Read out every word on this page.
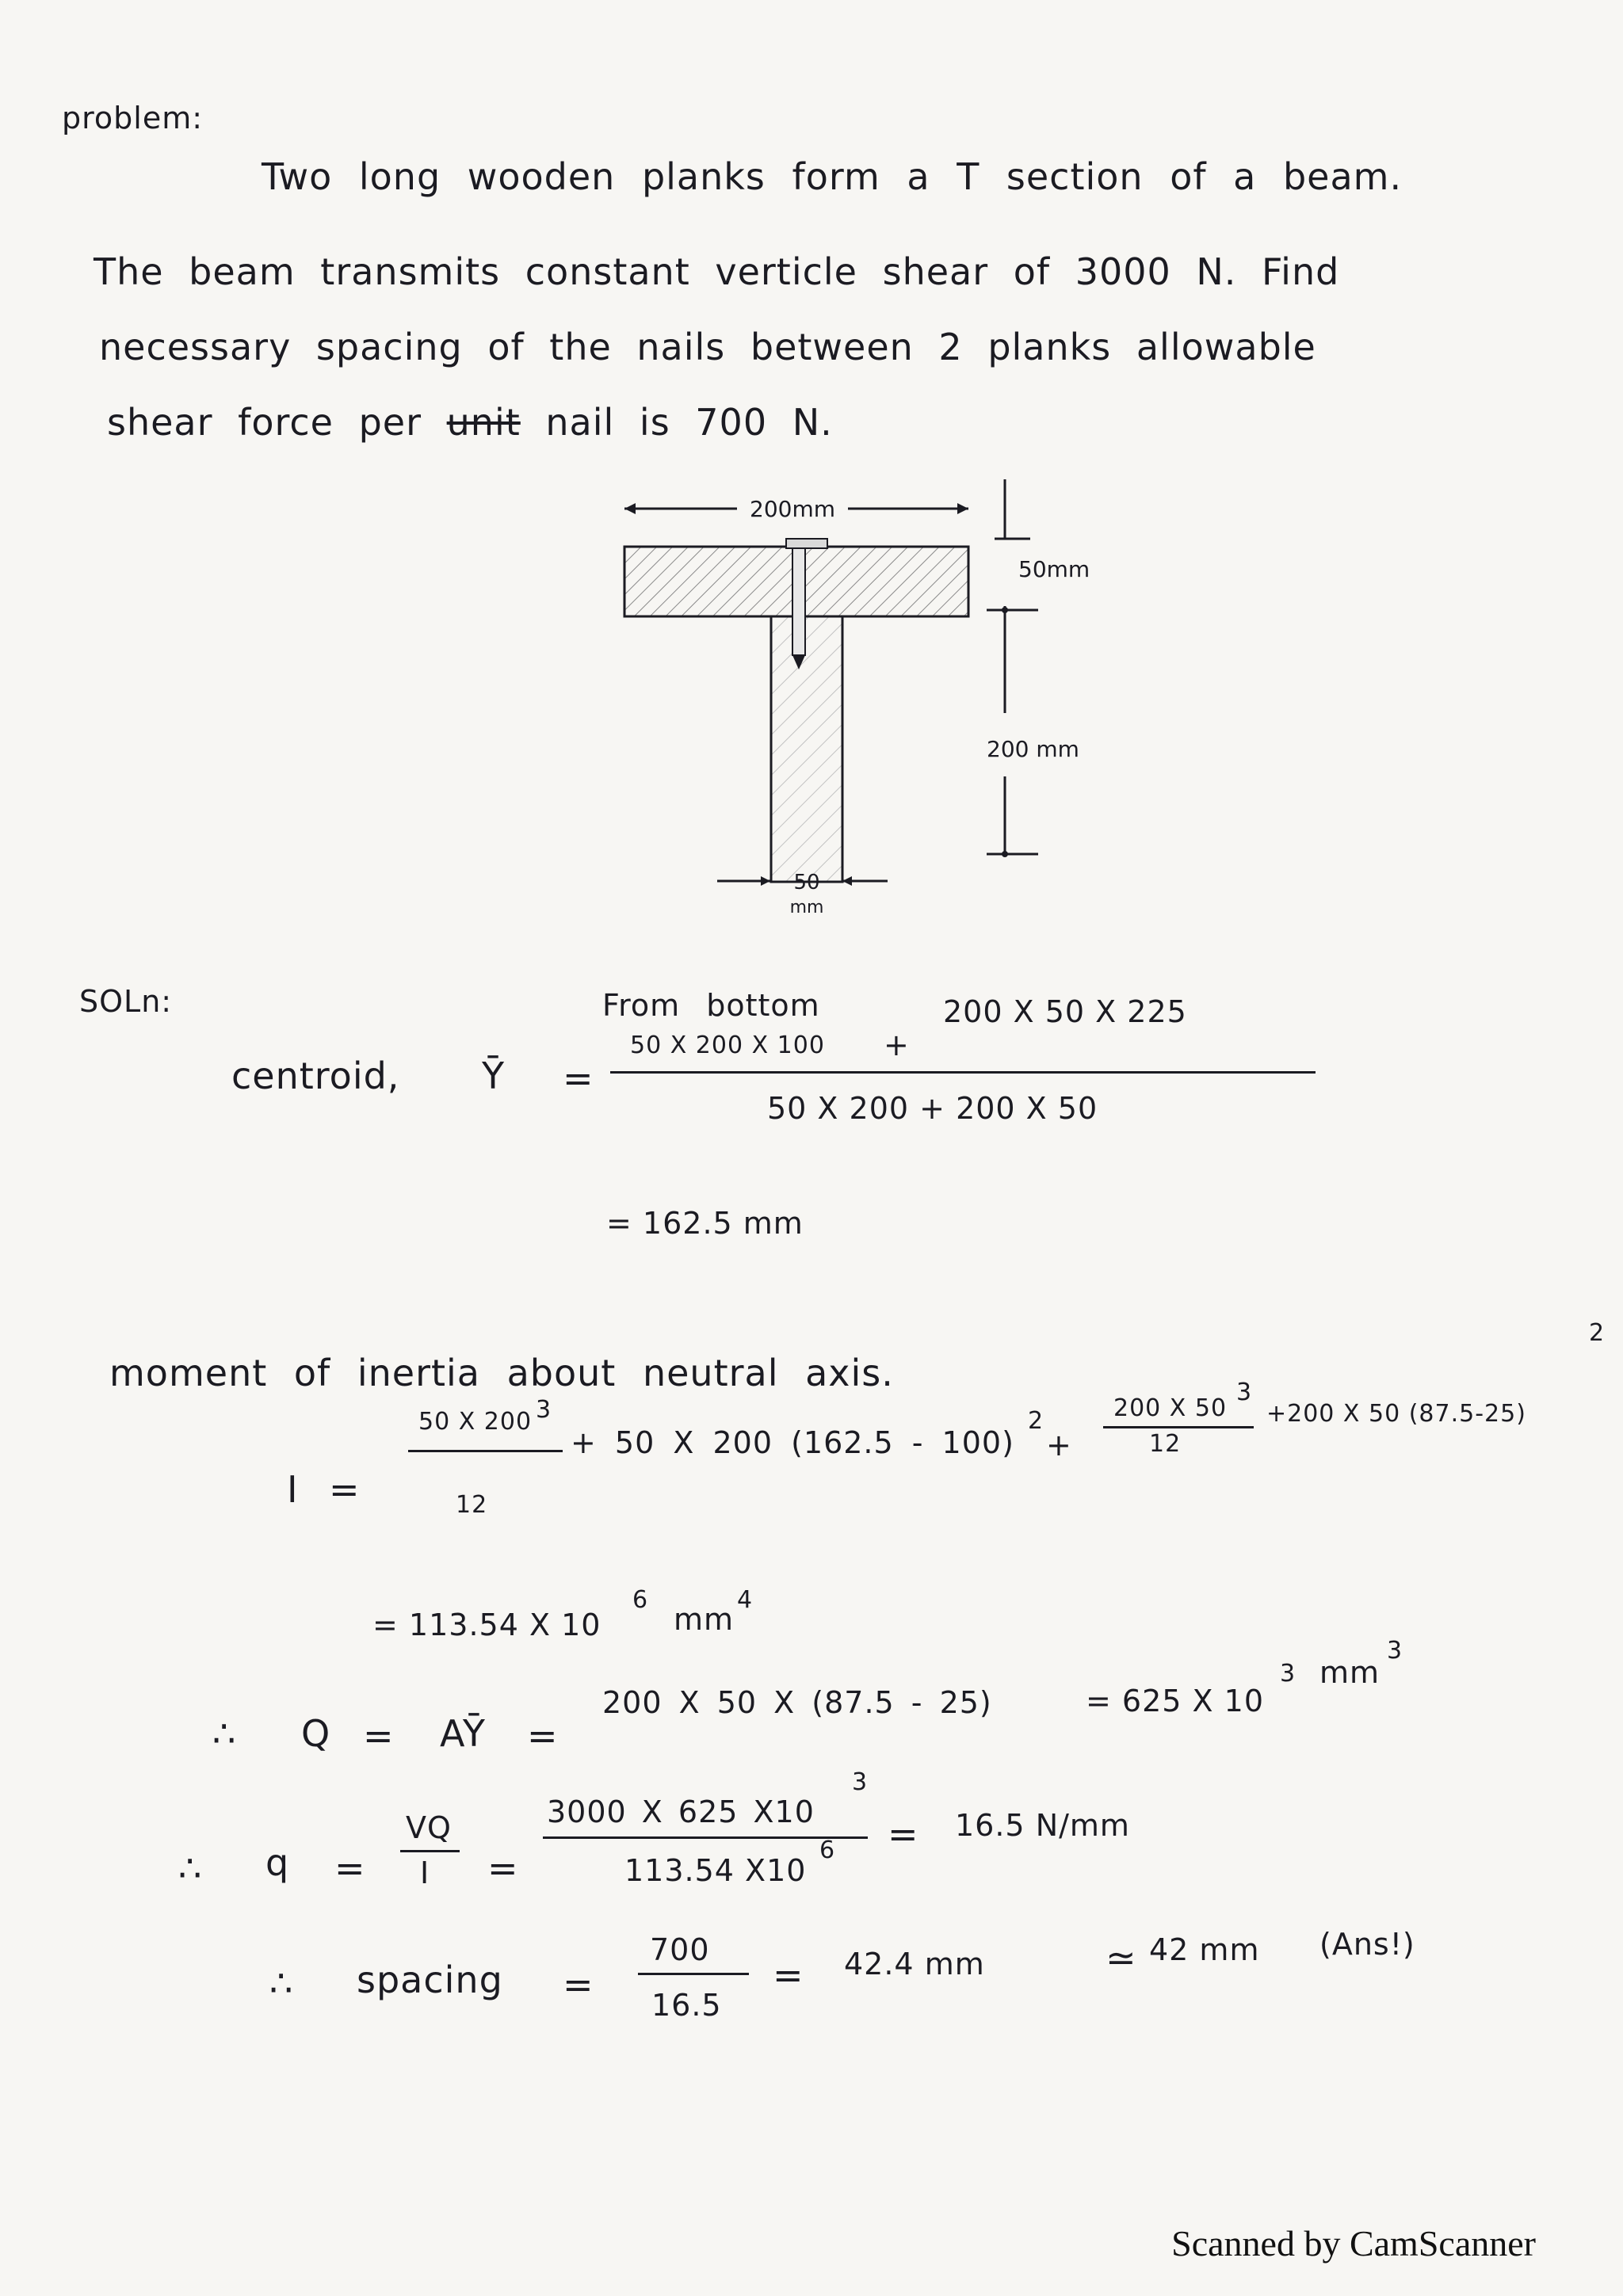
problem:
Two long wooden planks form a T section of a beam.
The beam transmits constant verticle shear of 3000 N. Find
necessary spacing of the nails between 2 planks allowable
shear force per unit nail is 700 N.
200mm
50mm
200 mm
50
mm
SOLn:
centroid, Ȳ =
From bottom
50 X 200 X 100 +
200 X 50 X 225
50 X 200 + 200 X 50
= 162.5 mm
moment of inertia about neutral axis.
I =
50 X 200 3
12
+ 50 X 200 (162.5 - 100)
2
+
200 X 50
3
12
+200 X 50 (87.5-25)
2
= 113.54 X 10
6
mm
4
∴ Q = AȲ =
200 X 50 X (87.5 - 25)	= 625 X 10
3 mm
3
∴ q =
VQ
I =
3000 X 625 X10
3
113.54 X10
6 = 16.5 N/mm
∴ spacing =
700
16.5
= 42.4 mm	≃ 42 mm (Ans!)
Scanned by CamScanner
